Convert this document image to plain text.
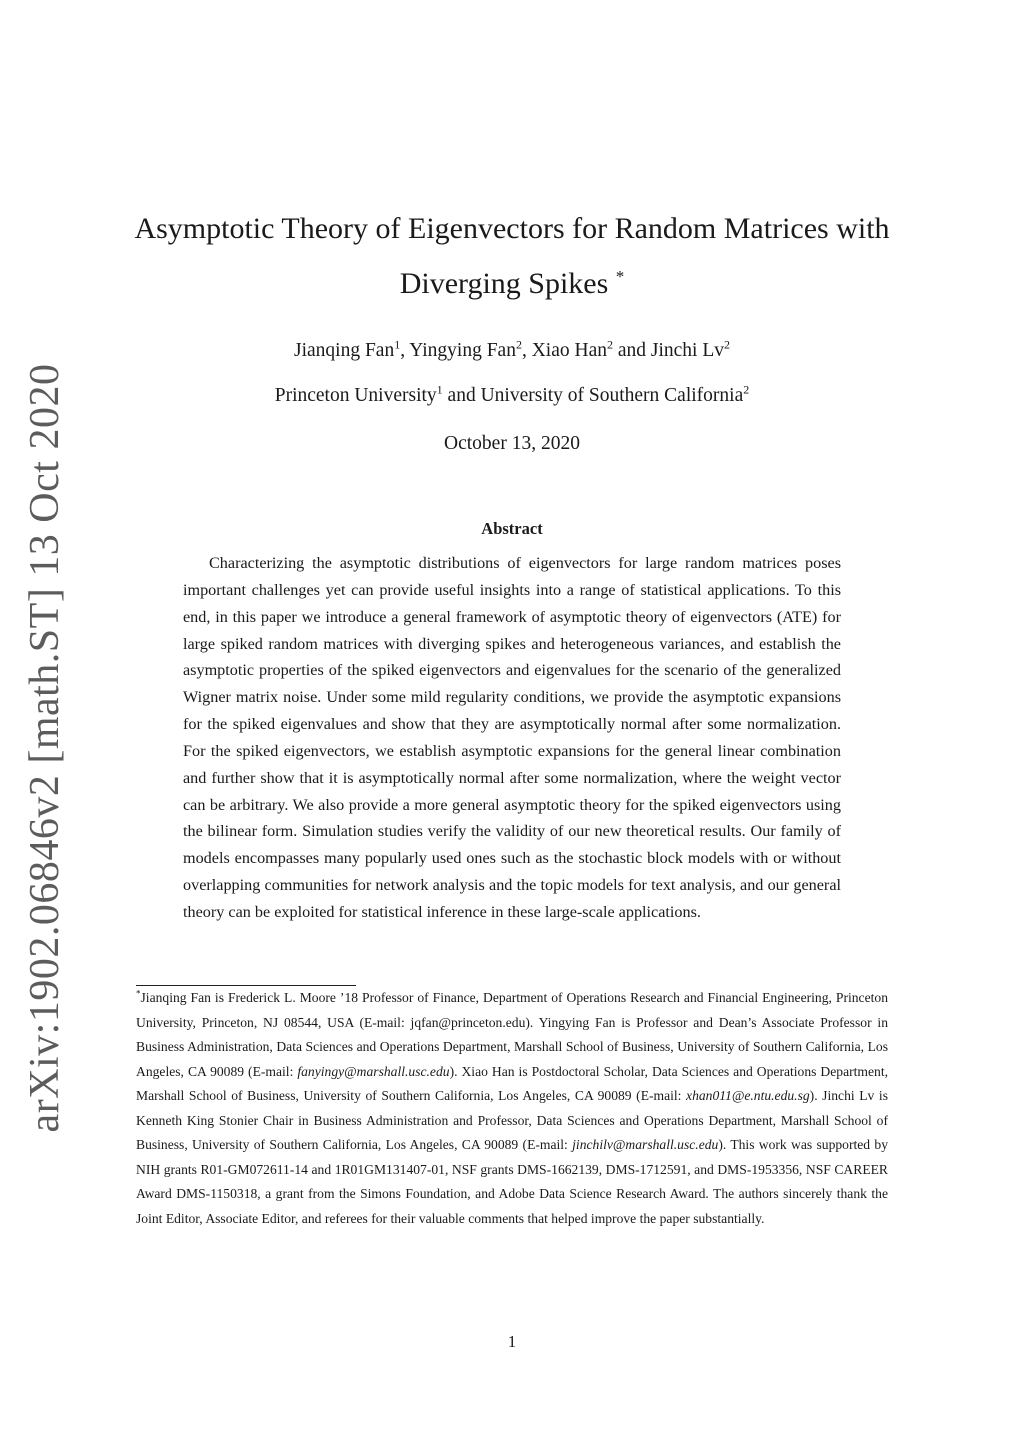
arXiv:1902.06846v2 [math.ST] 13 Oct 2020
Asymptotic Theory of Eigenvectors for Random Matrices with
Diverging Spikes *
Jianqing Fan$^1$, Yingying Fan$^2$, Xiao Han$^2$ and Jinchi Lv$^2$
Princeton University$^1$ and University of Southern California$^2$
October 13, 2020
Abstract

Characterizing the asymptotic distributions of eigenvectors for large random matrices poses important challenges yet can provide useful insights into a range of statistical applications. To this end, in this paper we introduce a general framework of asymptotic theory of eigenvectors (ATE) for large spiked random matrices with diverging spikes and heterogeneous variances, and establish the asymptotic properties of the spiked eigenvectors and eigenvalues for the scenario of the generalized Wigner matrix noise. Under some mild regularity conditions, we provide the asymptotic expansions for the spiked eigenvalues and show that they are asymptotically normal after some normalization. For the spiked eigenvectors, we establish asymptotic expansions for the general linear combination and further show that it is asymptotically normal after some normalization, where the weight vector can be arbitrary. We also provide a more general asymptotic theory for the spiked eigenvectors using the bilinear form. Simulation studies verify the validity of our new theoretical results. Our family of models encompasses many popularly used ones such as the stochastic block models with or without overlapping communities for network analysis and the topic models for text analysis, and our general theory can be exploited for statistical inference in these large-scale applications.

*Jianqing Fan is Frederick L. Moore ’18 Professor of Finance, Department of Operations Research and Financial Engineering, Princeton University, Princeton, NJ 08544, USA (E-mail: jqfan@princeton.edu). Yingying Fan is Professor and Dean’s Associate Professor in Business Administration, Data Sciences and Operations Department, Marshall School of Business, University of Southern California, Los Angeles, CA 90089 (E-mail: fanyingy@marshall.usc.edu). Xiao Han is Postdoctoral Scholar, Data Sciences and Operations Department, Marshall School of Business, University of Southern California, Los Angeles, CA 90089 (E-mail: xhan011@e.ntu.edu.sg). Jinchi Lv is Kenneth King Stonier Chair in Business Administration and Professor, Data Sciences and Operations Department, Marshall School of Business, University of Southern California, Los Angeles, CA 90089 (E-mail: jinchilv@marshall.usc.edu). This work was supported by NIH grants R01-GM072611-14 and 1R01GM131407-01, NSF grants DMS-1662139, DMS-1712591, and DMS-1953356, NSF CAREER Award DMS-1150318, a grant from the Simons Foundation, and Adobe Data Science Research Award. The authors sincerely thank the Joint Editor, Associate Editor, and referees for their valuable comments that helped improve the paper substantially.

1
